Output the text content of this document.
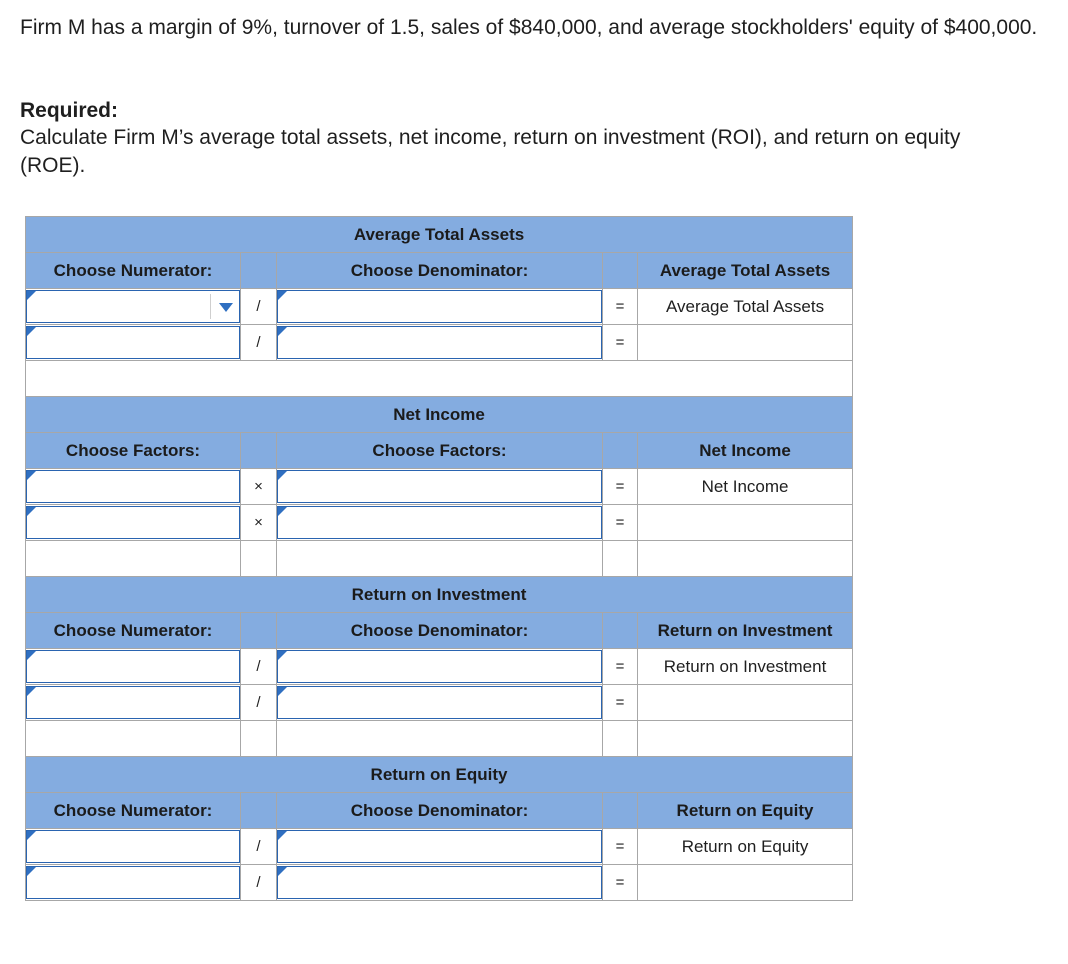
Firm M has a margin of 9%, turnover of 1.5, sales of $840,000, and average stockholders' equity of $400,000.

Required:
Calculate Firm M’s average total assets, net income, return on investment (ROI), and return on equity (ROE).
Average Total Assets				
Choose Numerator:		Choose Denominator:		Average Total Assets

	/		=	Average Total Assets

	/		=	

Net Income				
Choose Factors:		Choose Factors:		Net Income

	×		=	Net Income

	×		=	

Return on Investment				
Choose Numerator:		Choose Denominator:		Return on Investment

	/		=	Return on Investment

	/		=	

Return on Equity				
Choose Numerator:		Choose Denominator:		Return on Equity

	/		=	Return on Equity

	/		=	
